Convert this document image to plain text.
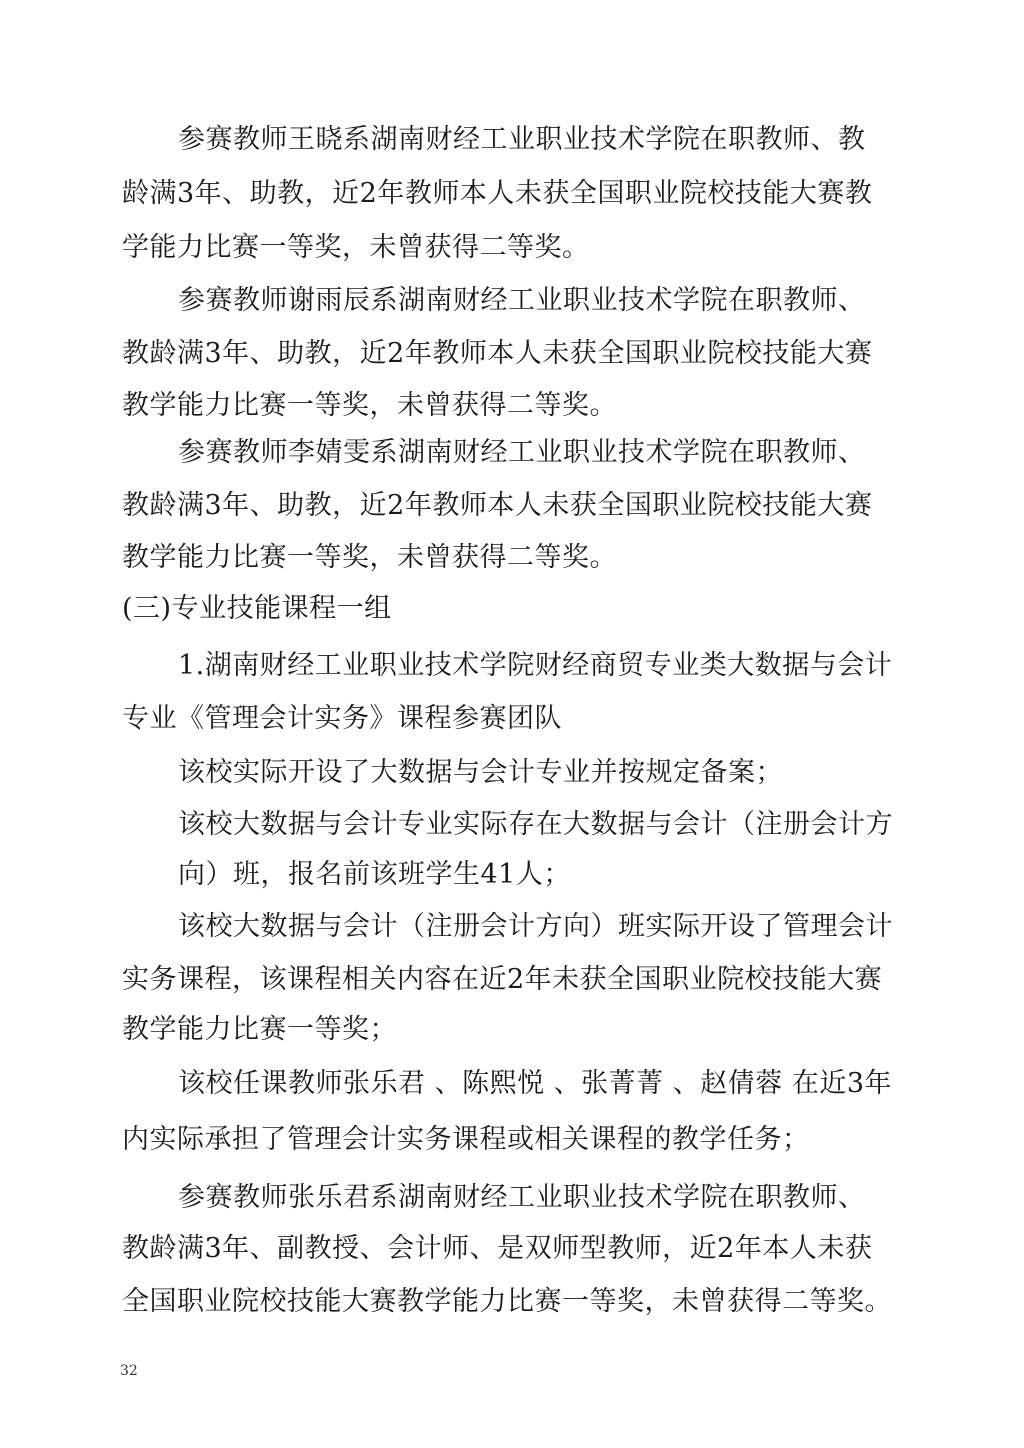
参赛教师王晓系湖南财经工业职业技术学院在职教师、教
龄满3年、助教，近2年教师本人未获全国职业院校技能大赛教
学能力比赛一等奖，未曾获得二等奖。
参赛教师谢雨辰系湖南财经工业职业技术学院在职教师、
教龄满3年、助教，近2年教师本人未获全国职业院校技能大赛
教学能力比赛一等奖，未曾获得二等奖。
参赛教师李婧雯系湖南财经工业职业技术学院在职教师、
教龄满3年、助教，近2年教师本人未获全国职业院校技能大赛
教学能力比赛一等奖，未曾获得二等奖。
(三)专业技能课程一组
1.湖南财经工业职业技术学院财经商贸专业类大数据与会计
专业《管理会计实务》课程参赛团队
该校实际开设了大数据与会计专业并按规定备案；
该校大数据与会计专业实际存在大数据与会计（注册会计方
向）班，报名前该班学生41人；
该校大数据与会计（注册会计方向）班实际开设了管理会计
实务课程，该课程相关内容在近2年未获全国职业院校技能大赛
教学能力比赛一等奖；
该校任课教师张乐君 、陈熙悦 、张菁菁 、赵倩蓉 在近3年
内实际承担了管理会计实务课程或相关课程的教学任务；
参赛教师张乐君系湖南财经工业职业技术学院在职教师、
教龄满3年、副教授、会计师、是双师型教师，近2年本人未获
全国职业院校技能大赛教学能力比赛一等奖，未曾获得二等奖。
32
